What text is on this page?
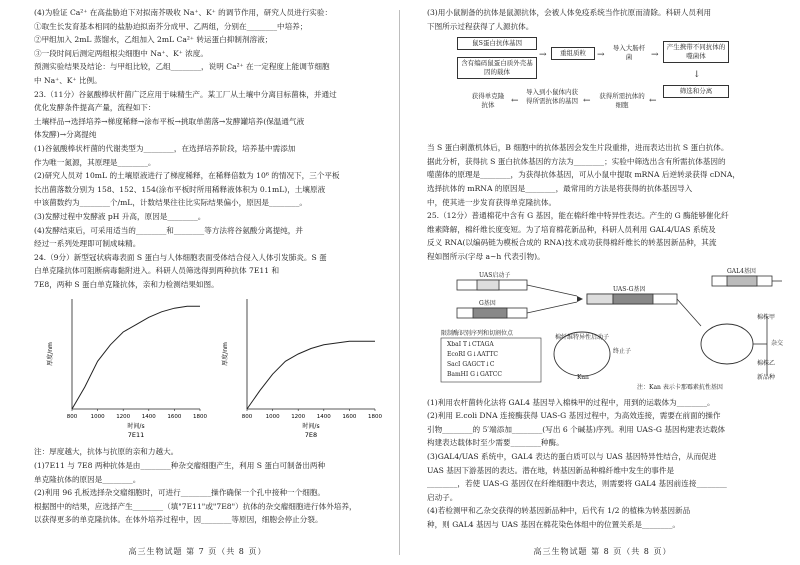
(4)为验证 Ca²⁺ 在高盐胁迫下对拟南芥吸收 Na⁺、K⁺ 的调节作用，研究人员进行实验：

①取生长发育基本相同的盐胁迫拟南芥分成甲、乙两组，分别在________中培养；

②甲组加入 2mL 蒸馏水，乙组加入 2mL Ca²⁺ 转运蛋白抑制剂溶液；

③一段时间后测定两组根尖细胞中 Na⁺、K⁺ 浓度。

预测实验结果及结论：与甲组比较，乙组________，说明 Ca²⁺ 在一定程度上能调节细胞

中 Na⁺、K⁺ 比例。

23.（11分）谷氨酸棒状杆菌广泛应用于味精生产。某工厂从土壤中分离目标菌株，并通过

优化发酵条件提高产量，流程如下：

土壤样品→选择培养→梯度稀释→涂布平板→挑取单菌落→发酵罐培养(保温通气液

体发酵)→分离提纯

(1)谷氨酸棒状杆菌的代谢类型为________，在选择培养阶段，培养基中需添加

作为唯一氮源，其原理是________。

(2)研究人员对 10mL 的土壤原液进行了梯度稀释，在稀释倍数为 10⁶ 的情况下，三个平板

长出菌落数分别为 158、152、154(涂布平板时所用稀释液体积为 0.1mL)，土壤原液

中该菌数约为________个/mL，计数结果往往比实际结果偏小，原因是________。

(3)发酵过程中发酵液 pH 升高，原因是________。

(4)发酵结束后，可采用适当的________和________等方法将谷氨酸分离提纯，并

经过一系列处理即可制成味精。

24.（9分）新型冠状病毒表面 S 蛋白与人体细胞表面受体结合侵入人体引发肺炎。S 蛋

白单克隆抗体可阻断病毒黏附进入。科研人员筛选得到两种抗体 7E11 和

7E8，两种 S 蛋白单克隆抗体，亲和力检测结果如图。

800 1000 1200 1400 1600 1800
厚度/nm
时间/s
7E11
800 1000 1200 1400 1600 1800
厚度/nm
时间/s
7E8

注：厚度越大，抗体与抗原的亲和力越大。

(1)7E11 与 7E8 两种抗体是由________种杂交瘤细胞产生，利用 S 蛋白可制备出两种

单克隆抗体的原因是________。

(2)利用 96 孔板选择杂交瘤细胞时，可进行________操作确保一个孔中接种一个细胞。

根据图中的结果，应选择产生________（填"7E11"或"7E8"）抗体的杂交瘤细胞进行体外培养，

以获得更多的单克隆抗体。在体外培养过程中，因________等原因，细胞会停止分裂。

高三生物试题 第 7 页（共 8 页）

(3)用小鼠制备的抗体是鼠源抗体，会被人体免疫系统当作抗原而清除。科研人员利用

下图所示过程获得了人源抗体。

鼠S蛋白抗体基因
含有编码鼠蛋白质外壳基因的载体
→	重组质粒	→
导入大肠杆菌	→
产生携带不同抗体的噬菌体
↓
筛选和分离
←
获得所需抗体的细胞
←
导入到小鼠体内获得所需抗体的基因
←
获得单克隆抗体

当 S 蛋白刺激机体后，B 细胞中的抗体基因会发生片段重排，进而表达出抗 S 蛋白抗体。

据此分析，获得抗 S 蛋白抗体基因的方法为________；实验中筛选出含有所需抗体基因的

噬菌体的原理是________，为获得抗体基因，可从小鼠中提取 mRNA 后逆转录获得 cDNA，

选择抗体的 mRNA 的原因是________，最常用的方法是将获得的抗体基因导入

中，使其进一步发育获得单克隆抗体。

25.（12分）普通棉花中含有 G 基因，能在棉纤维中特异性表达。产生的 G 酶能够催化纤

维素降解，棉纤维长度变短。为了培育棉花新品种，科研人员利用 GAL4/UAS 系统及

反义 RNA(以编码链为模板合成的 RNA)技术成功获得棉纤维长的转基因新品种，其流

程如图所示(字母 a~h 代表引物)。

UAS启动子
G基因
UAS-G基因
GAL4基因
棉株甲
杂交
新品种
棉株乙
棉纤维特异性启动子
终止子
Kan
限制酶识别序列和切割位点
XbaI T↓CTAGA
EcoRI G↓AATTC
SacI GAGCT↓C
BamHI G↓GATCC
注：Kan 表示卡那霉素抗性基因

(1)利用农杆菌转化法将 GAL4 基因导入棉株甲的过程中，用到的运载体为________。

(2)利用 E.coli DNA 连接酶获得 UAS-G 基因过程中，为高效连接，需要在前面的操作

引物________的 5′端添加________(写出 6 个碱基)序列。利用 UAS-G 基因构建表达载体

构建表达载体时至少需要________种酶。

(3)GAL4/UAS 系统中，GAL4 表达的蛋白质可以与 UAS 基因特异性结合，从而促进

UAS 基因下游基因的表达。潜在地，转基因新品种棉纤维中发生的事件是

________，若使 UAS-G 基因仅在纤维细胞中表达，则需要将 GAL4 基因前连接________

启动子。

(4)若检测甲和乙杂交获得的转基因新品种中，后代有 1/2 的植株为转基因新品

种，则 GAL4 基因与 UAS 基因在棉花染色体组中的位置关系是________。

高三生物试题 第 8 页（共 8 页）
